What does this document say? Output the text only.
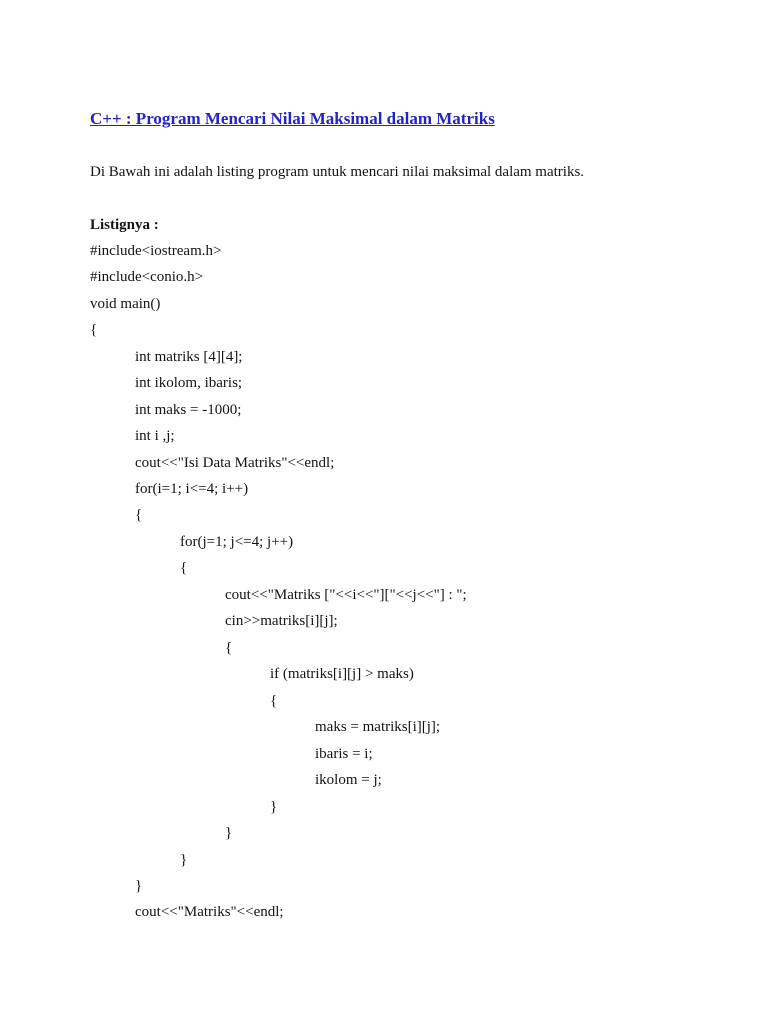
C++ : Program Mencari Nilai Maksimal dalam Matriks
Di Bawah ini adalah listing program untuk mencari nilai maksimal dalam matriks.
Listignya :
#include<iostream.h>
#include<conio.h>
void main()
{
int matriks [4][4];
int ikolom, ibaris;
int maks = -1000;
int i ,j;
cout<<"Isi Data Matriks"<<endl;
for(i=1; i<=4; i++)
{
for(j=1; j<=4; j++)
{
cout<<"Matriks ["<<i<<"]["<<j<<"] : ";
cin>>matriks[i][j];
{
if (matriks[i][j] > maks)
{
maks = matriks[i][j];
ibaris = i;
ikolom = j;
}
}
}
}
cout<<"Matriks"<<endl;
